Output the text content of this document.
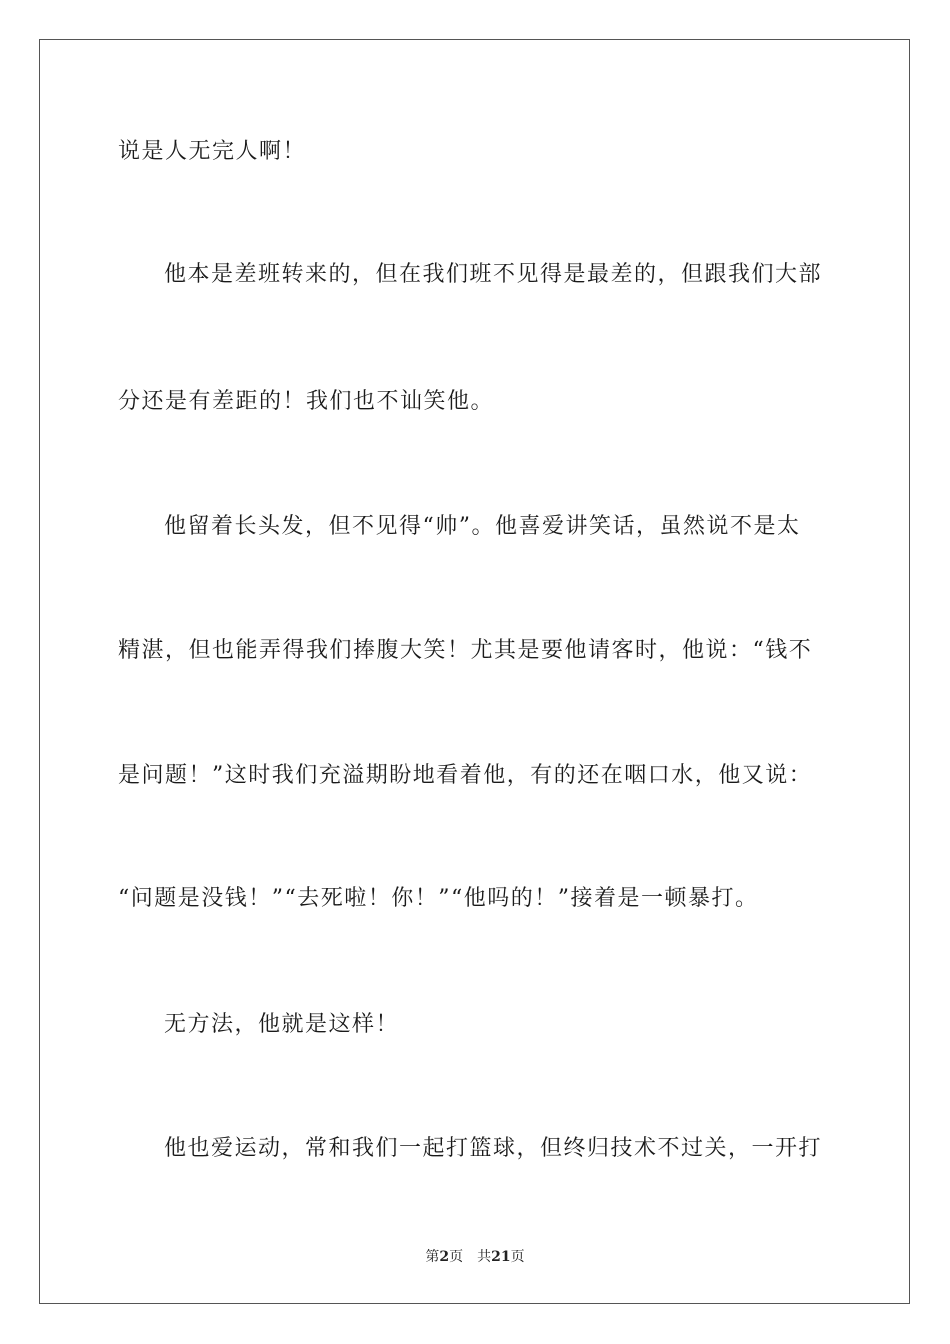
说是人无完人啊！
他本是差班转来的，但在我们班不见得是最差的，但跟我们大部
分还是有差距的！我们也不讪笑他。
他留着长头发，但不见得“帅”。他喜爱讲笑话，虽然说不是太
精湛，但也能弄得我们捧腹大笑！尤其是要他请客时，他说：“钱不
是问题！”这时我们充溢期盼地看着他，有的还在咽口水，他又说：
“问题是没钱！”“去死啦！你！”“他吗的！”接着是一顿暴打。
无方法，他就是这样！
他也爱运动，常和我们一起打篮球，但终归技术不过关，一开打
第2页 共21页
